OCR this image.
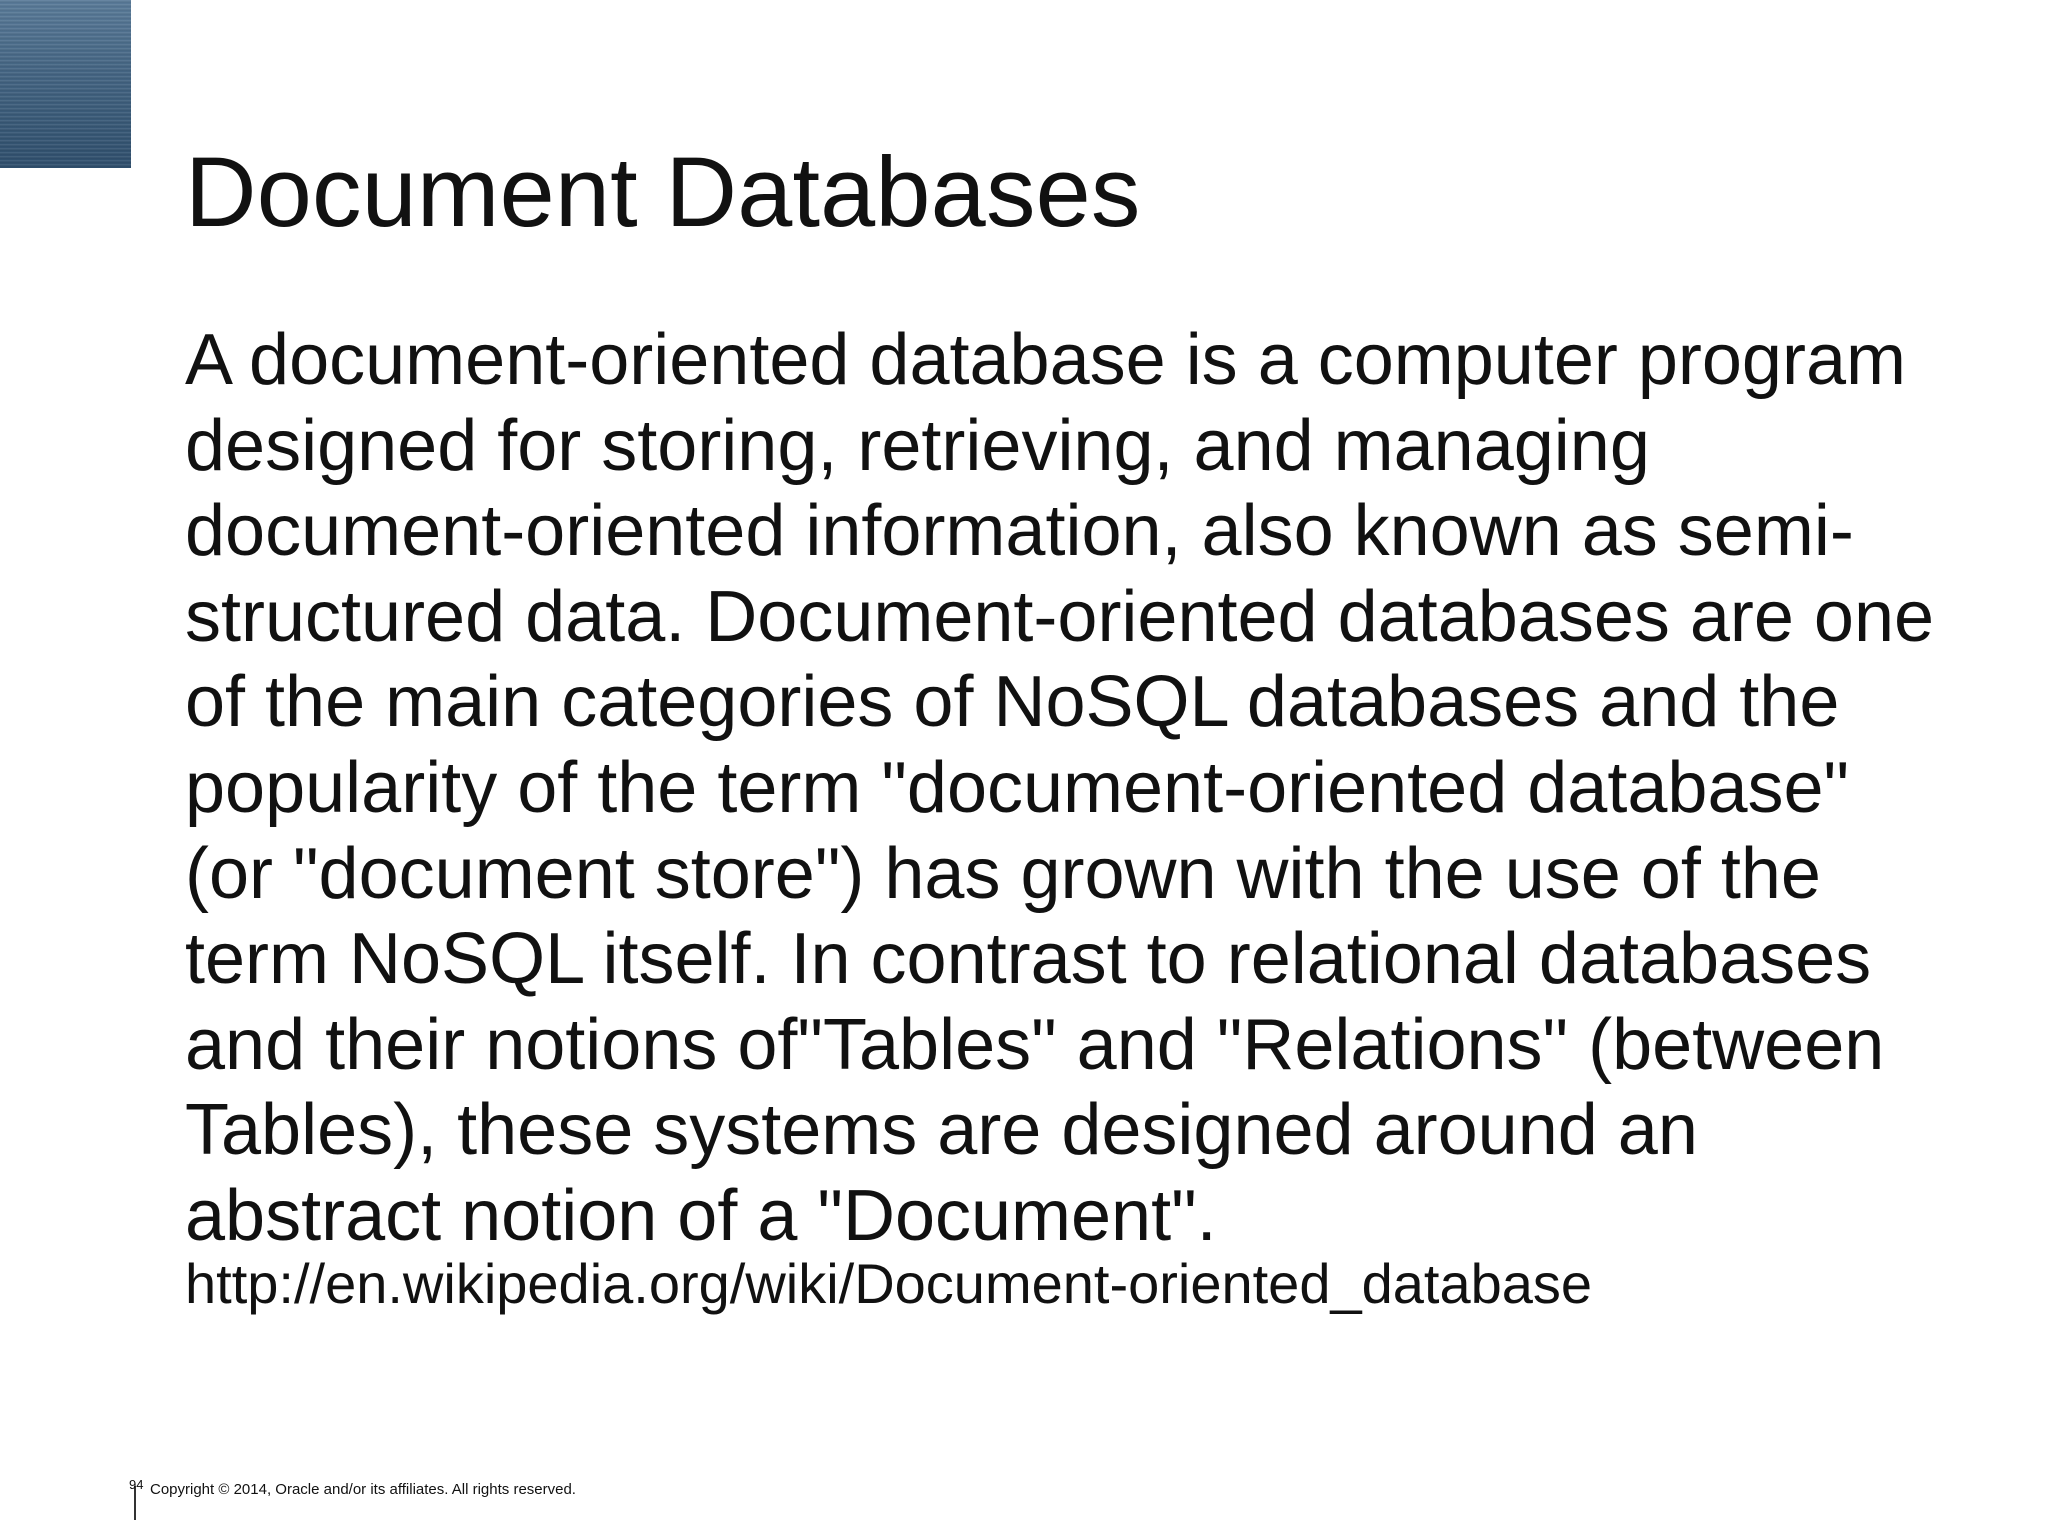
Document Databases
A document-oriented database is a computer program
designed for storing, retrieving, and managing
document-oriented information, also known as semi-
structured data. Document-oriented databases are one
of the main categories of NoSQL databases and the
popularity of the term "document-oriented database"
(or "document store") has grown with the use of the
term NoSQL itself. In contrast to relational databases
and their notions of"Tables" and "Relations" (between
Tables), these systems are designed around an
abstract notion of a "Document".
http://en.wikipedia.org/wiki/Document-oriented_database
94 Copyright © 2014, Oracle and/or its affiliates. All rights reserved.
